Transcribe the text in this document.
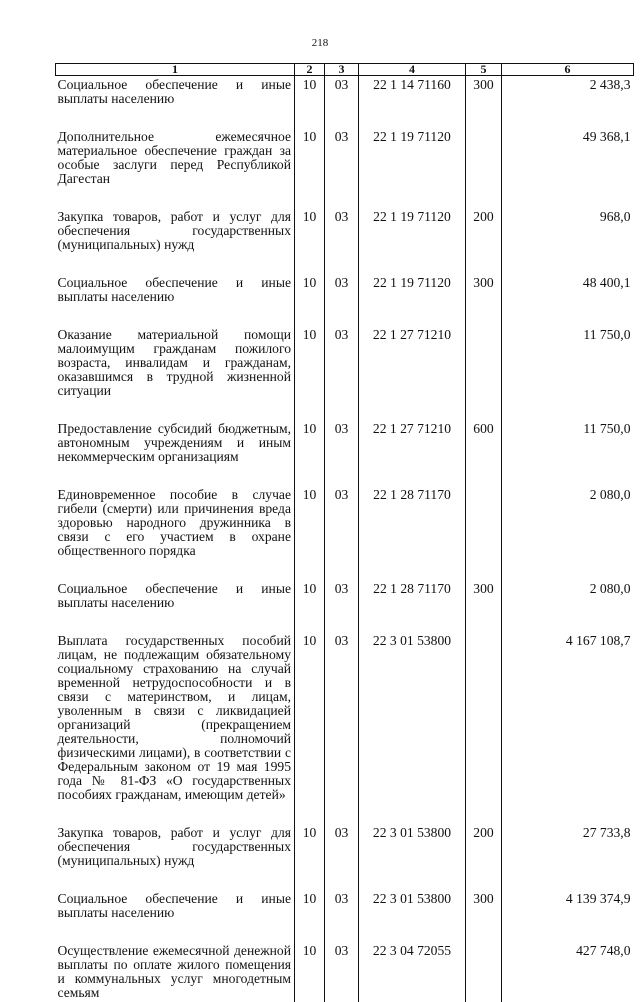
218
1	2	3	4	5	6
Социальное обеспечение и иные выплаты населению	10	03	22 1 14 71160	300	2 438,3
Дополнительное ежемесячное материальное обеспечение граждан за особые заслуги перед Республикой Дагестан	10	03	22 1 19 71120		49 368,1
Закупка товаров, работ и услуг для обеспечения государственных (муниципальных) нужд	10	03	22 1 19 71120	200	968,0
Социальное обеспечение и иные выплаты населению	10	03	22 1 19 71120	300	48 400,1
Оказание материальной помощи малоимущим гражданам пожилого возраста, инвалидам и гражданам, оказавшимся в трудной жизненной ситуации	10	03	22 1 27 71210		11 750,0
Предоставление субсидий бюджетным, автономным учреждениям и иным некоммерческим организациям	10	03	22 1 27 71210	600	11 750,0
Единовременное пособие в случае гибели (смерти) или причинения вреда здоровью народного дружинника в связи с его участием в охране общественного порядка	10	03	22 1 28 71170		2 080,0
Социальное обеспечение и иные выплаты населению	10	03	22 1 28 71170	300	2 080,0
Выплата государственных пособий лицам, не подлежащим обязательному социальному страхованию на случай временной нетрудоспособности и в связи с материнством, и лицам, уволенным в связи с ликвидацией организаций (прекращением деятельности, полномочий физическими лицами), в соответствии с Федеральным законом от 19 мая 1995 года № 81-ФЗ «О государственных пособиях гражданам, имеющим детей»	10	03	22 3 01 53800		4 167 108,7
Закупка товаров, работ и услуг для обеспечения государственных (муниципальных) нужд	10	03	22 3 01 53800	200	27 733,8
Социальное обеспечение и иные выплаты населению	10	03	22 3 01 53800	300	4 139 374,9
Осуществление ежемесячной денежной выплаты по оплате жилого помещения и коммунальных услуг многодетным семьям	10	03	22 3 04 72055		427 748,0
